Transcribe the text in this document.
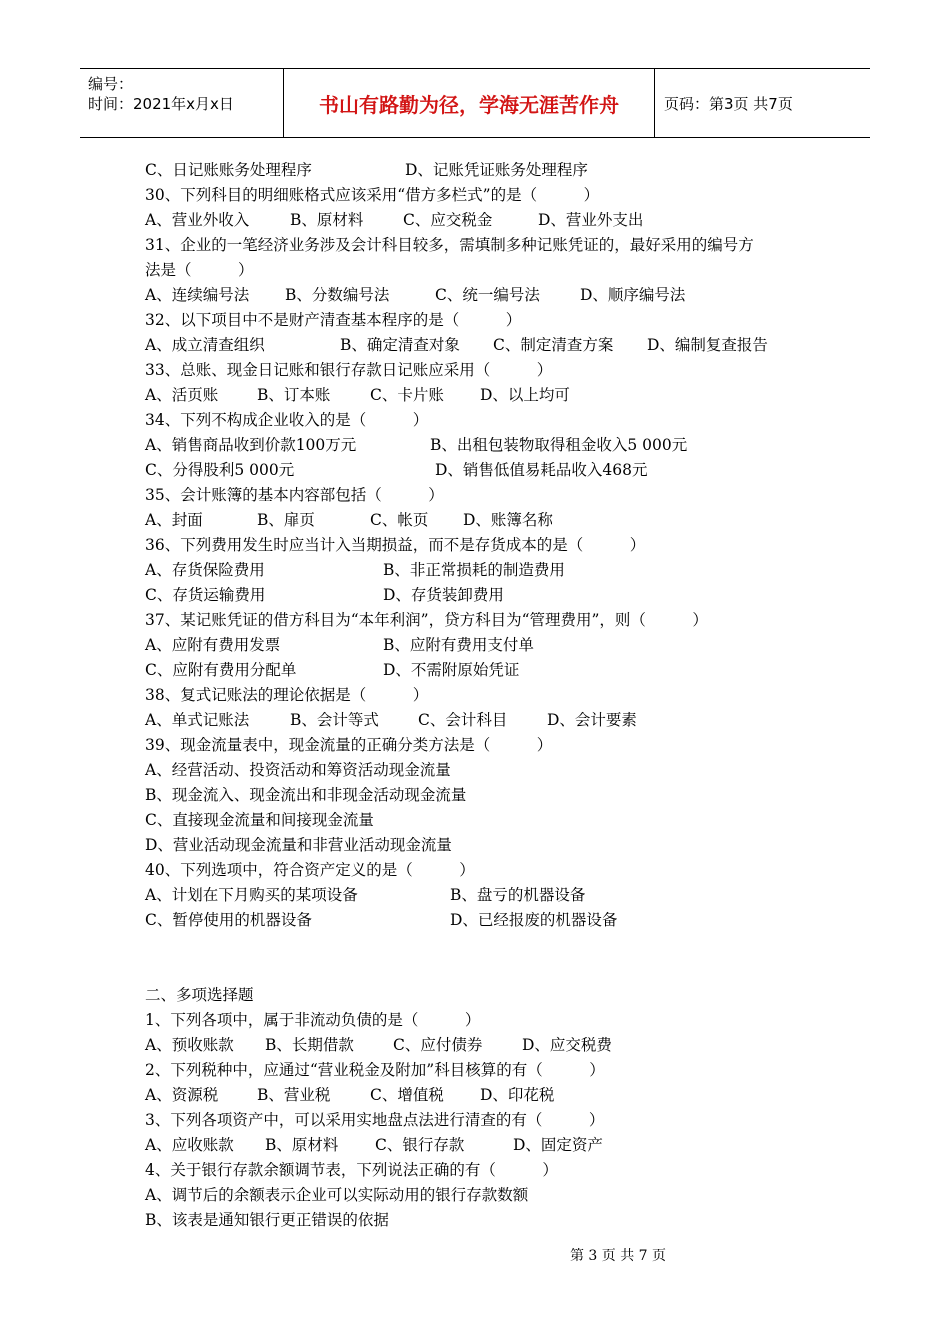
编号：
时间：2021年x月x日	书山有路勤为径，学海无涯苦作舟	页码：第3页 共7页
C、日记账账务处理程序	D、记账凭证账务处理程序
30、下列科目的明细账格式应该采用“借方多栏式”的是（　　　）
A、营业外收入	B、原材料	C、应交税金	D、营业外支出
31、企业的一笔经济业务涉及会计科目较多，需填制多种记账凭证的，最好采用的编号方
法是（　　　）
A、连续编号法 B、分数编号法	C、统一编号法	D、顺序编号法
32、以下项目中不是财产清查基本程序的是（　　　）
A、成立清查组织	B、确定清查对象 C、制定清查方案 D、编制复查报告
33、总账、现金日记账和银行存款日记账应采用（　　　）
A、活页账	B、订本账	C、卡片账 D、以上均可
34、下列不构成企业收入的是（　　　）
A、销售商品收到价款100万元	B、出租包装物取得租金收入5 000元
C、分得股利5 000元	D、销售低值易耗品收入468元
35、会计账簿的基本内容部包括（　　　）
A、封面	B、扉页	C、帐页 D、账簿名称
36、下列费用发生时应当计入当期损益，而不是存货成本的是（　　　）
A、存货保险费用	B、非正常损耗的制造费用
C、存货运输费用	D、存货装卸费用
37、某记账凭证的借方科目为“本年利润”，贷方科目为“管理费用”，则（　　　）
A、应附有费用发票	B、应附有费用支付单
C、应附有费用分配单	D、不需附原始凭证
38、复式记账法的理论依据是（　　　）
A、单式记账法	B、会计等式	C、会计科目	D、会计要素
39、现金流量表中，现金流量的正确分类方法是（　　　）
A、经营活动、投资活动和筹资活动现金流量
B、现金流入、现金流出和非现金活动现金流量
C、直接现金流量和间接现金流量
D、营业活动现金流量和非营业活动现金流量
40、下列选项中，符合资产定义的是（　　　）
A、计划在下月购买的某项设备	B、盘亏的机器设备
C、暂停使用的机器设备	D、已经报废的机器设备
二、多项选择题
1、下列各项中，属于非流动负债的是（　　　）
A、预收账款 B、长期借款	C、应付债券	D、应交税费
2、下列税种中，应通过“营业税金及附加”科目核算的有（　　　）
A、资源税	B、营业税	C、增值税 D、印花税
3、下列各项资产中，可以采用实地盘点法进行清查的有（　　　）
A、应收账款 B、原材料 C、银行存款	D、固定资产
4、关于银行存款余额调节表，下列说法正确的有（　　　）
A、调节后的余额表示企业可以实际动用的银行存款数额
B、该表是通知银行更正错误的依据
第 3 页 共 7 页
